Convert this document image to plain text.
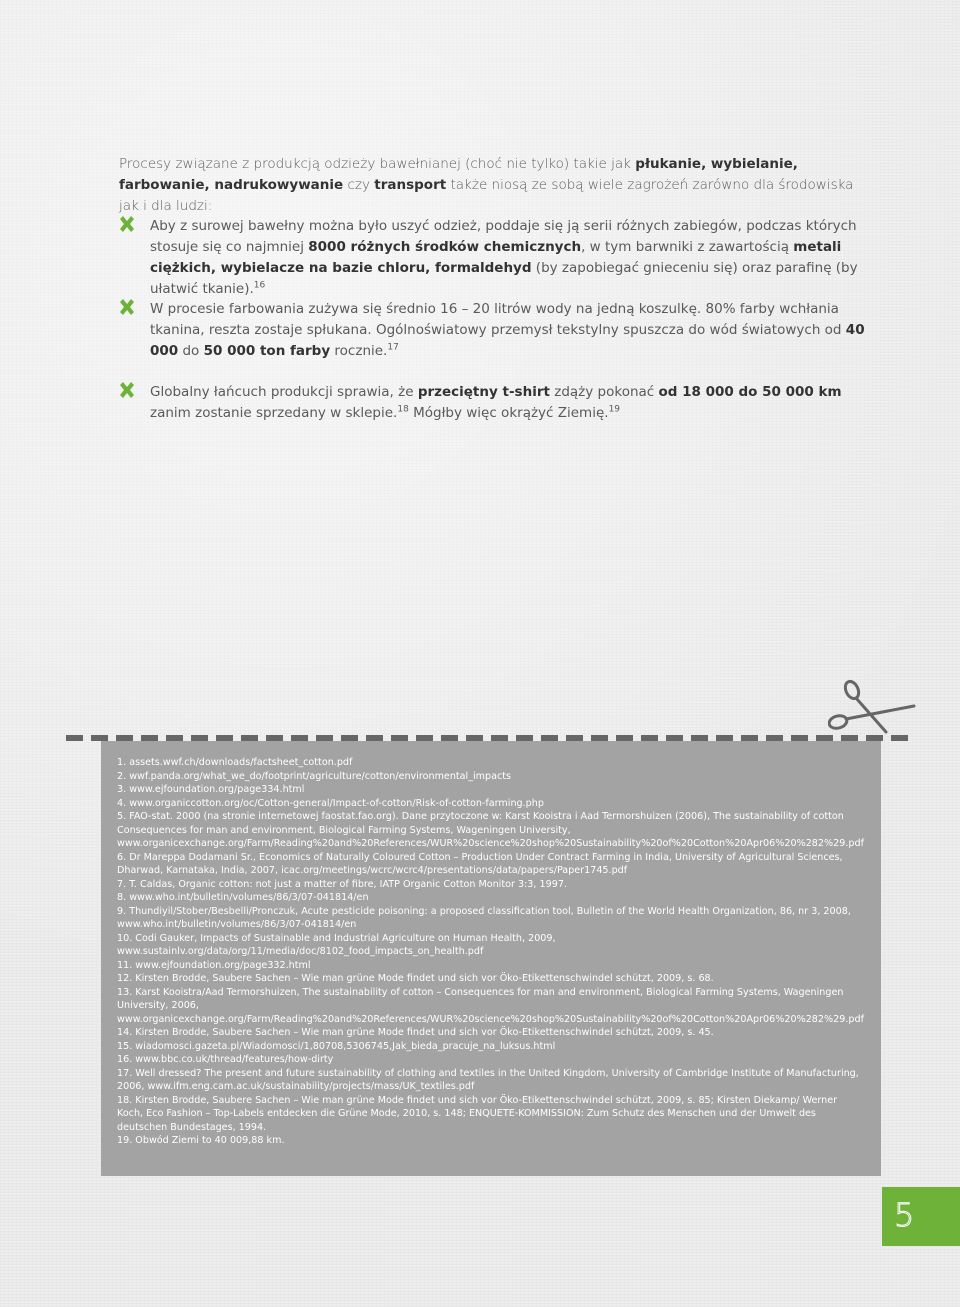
Procesy związane z produkcją odzieży bawełnianej (choć nie tylko) takie jak płukanie, wybielanie, farbowanie, nadrukowywanie czy transport także niosą ze sobą wiele zagrożeń zarówno dla środowiska jak i dla ludzi:
Aby z surowej bawełny można było uszyć odzież, poddaje się ją serii różnych zabiegów, podczas których stosuje się co najmniej 8000 różnych środków chemicznych, w tym barwniki z zawartością metali ciężkich, wybielacze na bazie chloru, formaldehyd (by zapobiegać gnieceniu się) oraz parafinę (by ułatwić tkanie).$^{16}$
W procesie farbowania zużywa się średnio 16 – 20 litrów wody na jedną koszulkę. 80% farby wchłania tkanina, reszta zostaje spłukana. Ogólnoświatowy przemysł tekstylny spuszcza do wód światowych od 40 000 do 50 000 ton farby rocznie.$^{17}$
Globalny łańcuch produkcji sprawia, że przeciętny t-shirt zdąży pokonać od 18 000 do 50 000 km zanim zostanie sprzedany w sklepie.$^{18}$ Mógłby więc okrążyć Ziemię.$^{19}$
1. assets.wwf.ch/downloads/factsheet_cotton.pdf
2. wwf.panda.org/what_we_do/footprint/agriculture/cotton/environmental_impacts
3. www.ejfoundation.org/page334.html
4. www.organiccotton.org/oc/Cotton-general/Impact-of-cotton/Risk-of-cotton-farming.php
5. FAO-stat. 2000 (na stronie internetowej faostat.fao.org). Dane przytoczone w: Karst Kooistra i Aad Termorshuizen (2006), The sustainability of cotton Consequences for man and environment, Biological Farming Systems, Wageningen University, www.organicexchange.org/Farm/Reading%20and%20References/WUR%20science%20shop%20Sustainability%20of%20Cotton%20Apr06%20%282%29.pdf
6. Dr Mareppa Dodamani Sr., Economics of Naturally Coloured Cotton – Production Under Contract Farming in India, University of Agricultural Sciences, Dharwad, Karnataka, India, 2007, icac.org/meetings/wcrc/wcrc4/presentations/data/papers/Paper1745.pdf
7. T. Caldas, Organic cotton: not just a matter of fibre, IATP Organic Cotton Monitor 3:3, 1997.
8. www.who.int/bulletin/volumes/86/3/07-041814/en
9. Thundiyil/Stober/Besbelli/Pronczuk, Acute pesticide poisoning: a proposed classification tool, Bulletin of the World Health Organization, 86, nr 3, 2008, www.who.int/bulletin/volumes/86/3/07-041814/en
10. Codi Gauker, Impacts of Sustainable and Industrial Agriculture on Human Health, 2009, www.sustainlv.org/data/org/11/media/doc/8102_food_impacts_on_health.pdf
11. www.ejfoundation.org/page332.html
12. Kirsten Brodde, Saubere Sachen – Wie man grüne Mode findet und sich vor Öko-Etikettenschwindel schützt, 2009, s. 68.
13. Karst Kooistra/Aad Termorshuizen, The sustainability of cotton – Consequences for man and environment, Biological Farming Systems, Wageningen University, 2006, www.organicexchange.org/Farm/Reading%20and%20References/WUR%20science%20shop%20Sustainability%20of%20Cotton%20Apr06%20%282%29.pdf
14. Kirsten Brodde, Saubere Sachen – Wie man grüne Mode findet und sich vor Öko-Etikettenschwindel schützt, 2009, s. 45.
15. wiadomosci.gazeta.pl/Wiadomosci/1,80708,5306745,Jak_bieda_pracuje_na_luksus.html
16. www.bbc.co.uk/thread/features/how-dirty
17. Well dressed? The present and future sustainability of clothing and textiles in the United Kingdom, University of Cambridge Institute of Manufacturing, 2006, www.ifm.eng.cam.ac.uk/sustainability/projects/mass/UK_textiles.pdf
18. Kirsten Brodde, Saubere Sachen – Wie man grüne Mode findet und sich vor Öko-Etikettenschwindel schützt, 2009, s. 85; Kirsten Diekamp/ Werner Koch, Eco Fashion – Top-Labels entdecken die Grüne Mode, 2010, s. 148; ENQUETE-KOMMISSION: Zum Schutz des Menschen und der Umwelt des deutschen Bundestages, 1994.
19. Obwód Ziemi to 40 009,88 km.
5
